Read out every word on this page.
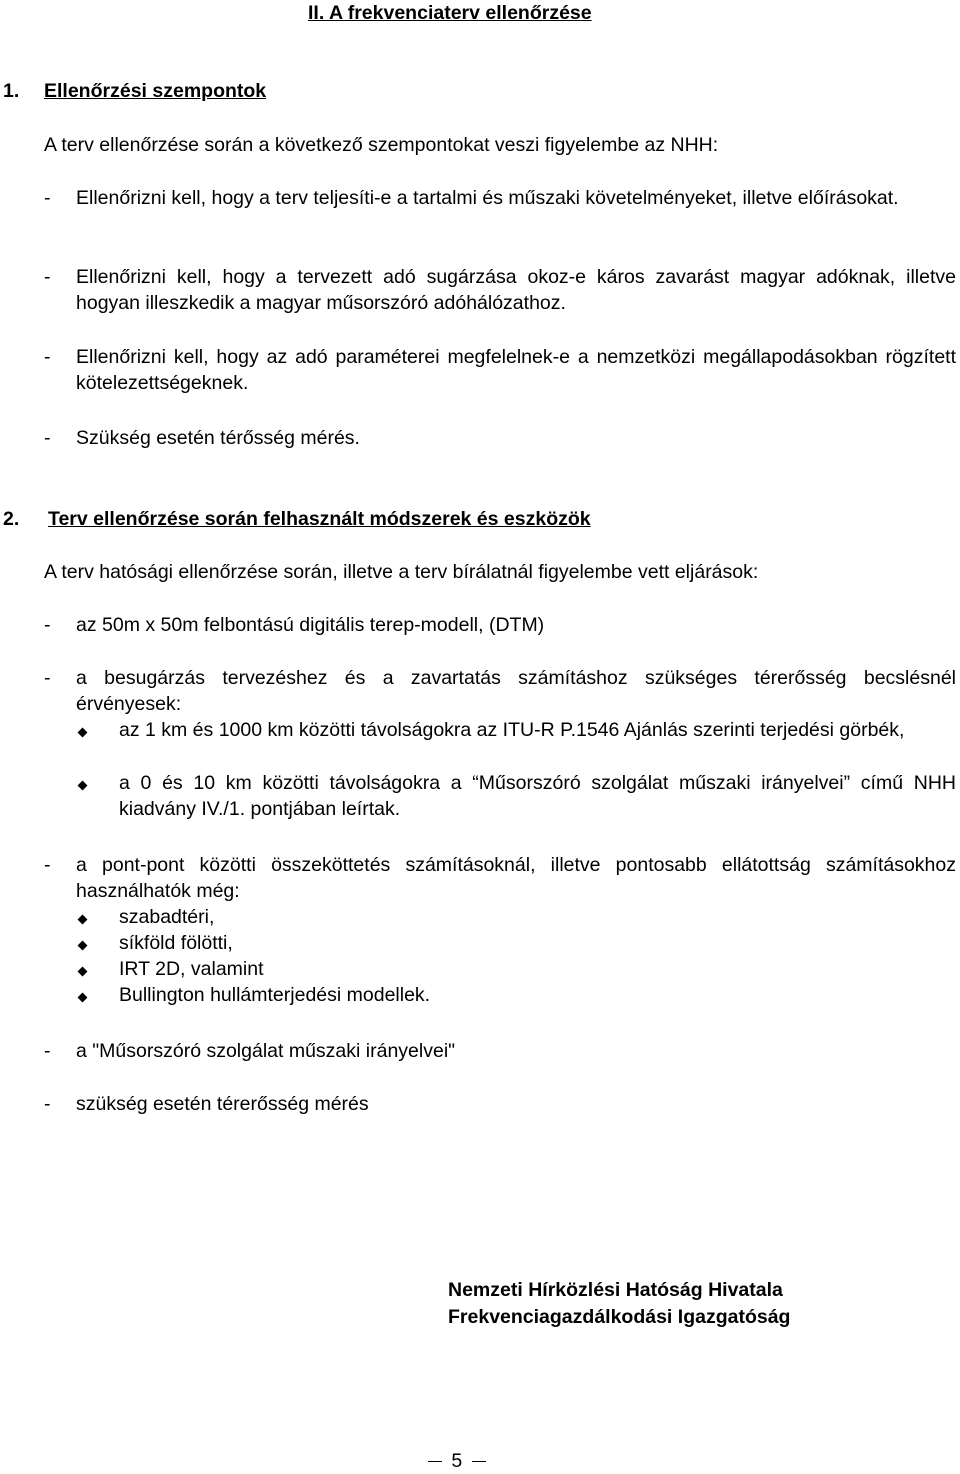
II. A frekvenciaterv ellenőrzése
1. Ellenőrzési szempontok
A terv ellenőrzése során a következő szempontokat veszi figyelembe az NHH:
- Ellenőrizni kell, hogy a terv teljesíti-e a tartalmi és műszaki követelményeket, illetve előírásokat.
- Ellenőrizni kell, hogy a tervezett adó sugárzása okoz-e káros zavarást magyar adóknak, illetve hogyan illeszkedik a magyar műsorszóró adóhálózathoz.
- Ellenőrizni kell, hogy az adó paraméterei megfelelnek-e a nemzetközi megállapodásokban rögzített kötelezettségeknek.
- Szükség esetén térősség mérés.
2. Terv ellenőrzése során felhasznált módszerek és eszközök
A terv hatósági ellenőrzése során, illetve a terv bírálatnál figyelembe vett eljárások:
- az 50m x 50m felbontású digitális terep-modell, (DTM)
- a besugárzás tervezéshez és a zavartatás számításhoz szükséges térerősség becslésnél érvényesek:
az 1 km és 1000 km közötti távolságokra az ITU-R P.1546 Ajánlás szerinti terjedési görbék,
a 0 és 10 km közötti távolságokra a “Műsorszóró szolgálat műszaki irányelvei” című NHH kiadvány IV./1. pontjában leírtak.
- a pont-pont közötti összeköttetés számításoknál, illetve pontosabb ellátottság számításokhoz használhatók még:
szabadtéri,
síkföld fölötti,
IRT 2D, valamint
Bullington hullámterjedési modellek.
- a "Műsorszóró szolgálat műszaki irányelvei"
- szükség esetén térerősség mérés
Nemzeti Hírközlési Hatóság Hivatala
Frekvenciagazdálkodási Igazgatóság
5
